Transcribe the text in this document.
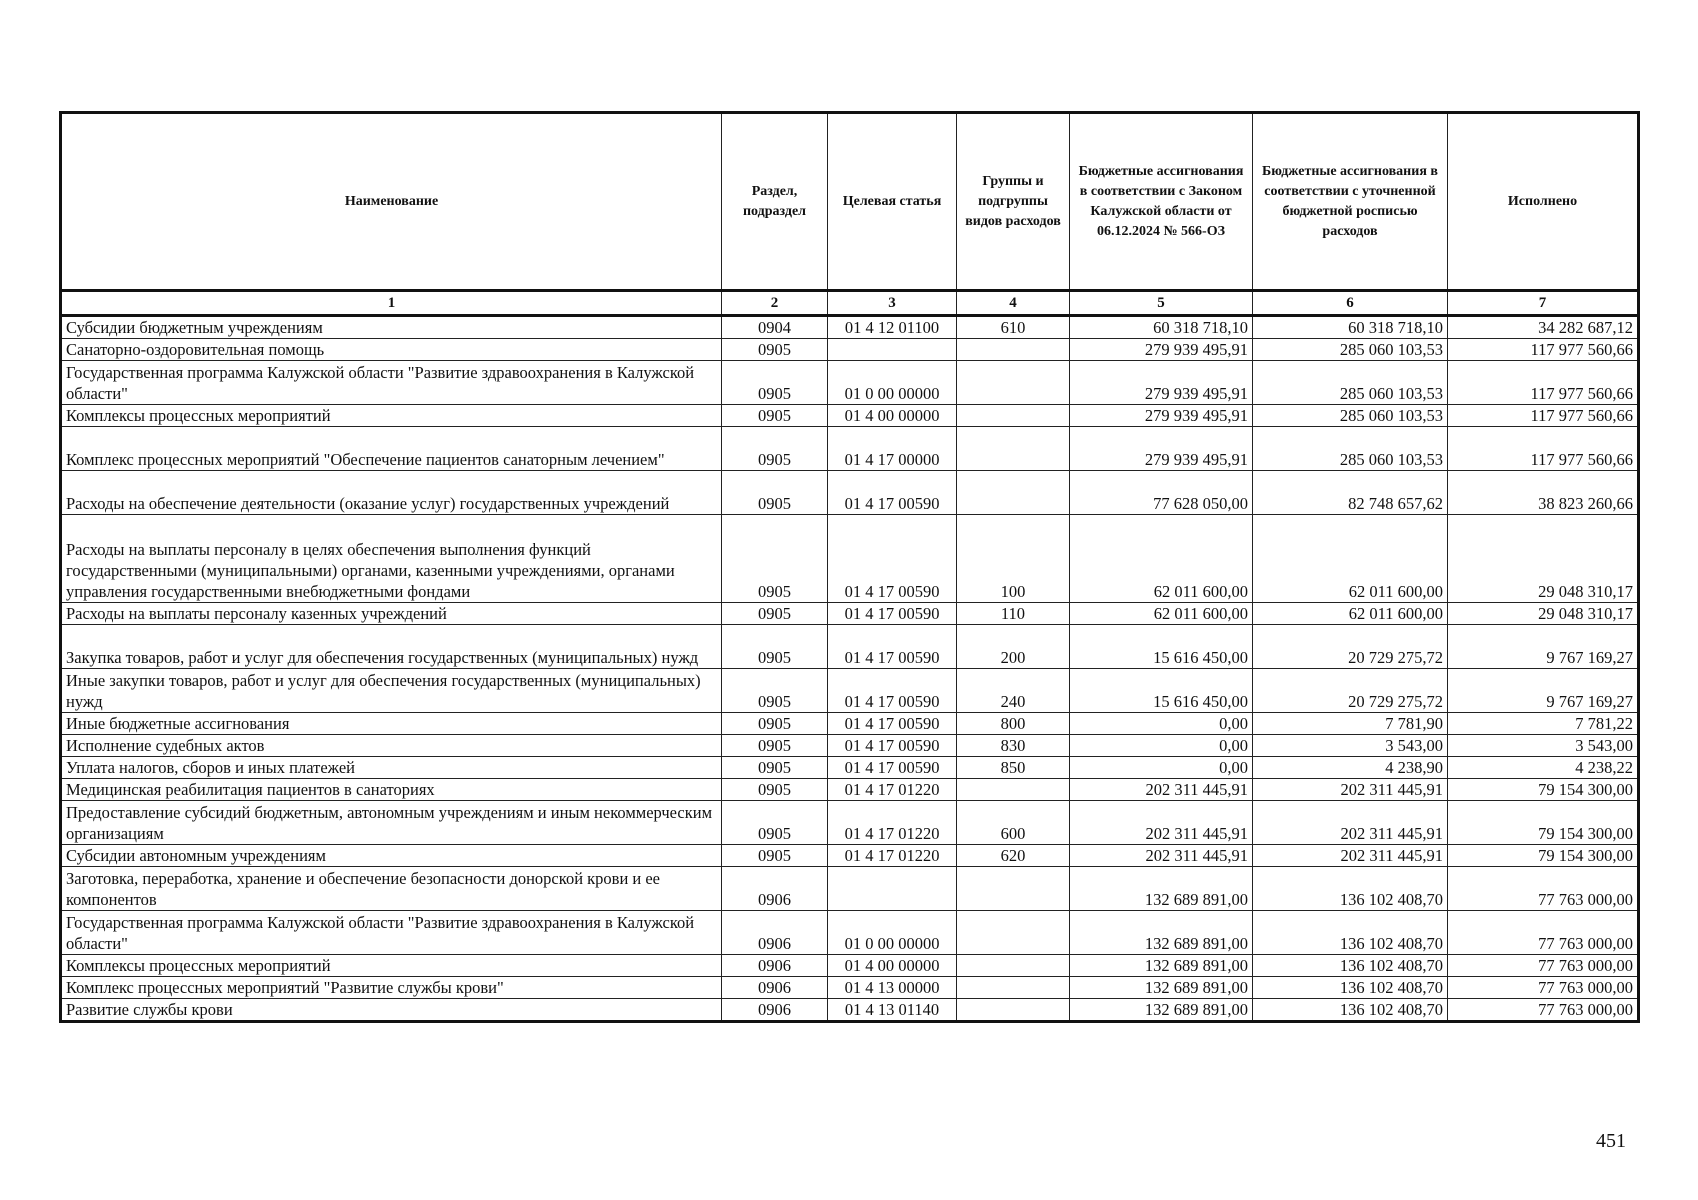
Наименование	Раздел, подраздел	Целевая статья	Группы и подгруппы видов расходов	Бюджетные ассигнования в соответствии с Законом Калужской области от 06.12.2024 № 566-ОЗ	Бюджетные ассигнования в соответствии с уточненной бюджетной росписью расходов	Исполнено
1	2	3	4	5	6	7
Субсидии бюджетным учреждениям	0904	01 4 12 01100	610	60 318 718,10	60 318 718,10	34 282 687,12
Санаторно-оздоровительная помощь	0905			279 939 495,91	285 060 103,53	117 977 560,66
Государственная программа Калужской области "Развитие здравоохранения в Калужской области"	0905	01 0 00 00000		279 939 495,91	285 060 103,53	117 977 560,66
Комплексы процессных мероприятий	0905	01 4 00 00000		279 939 495,91	285 060 103,53	117 977 560,66
Комплекс процессных мероприятий "Обеспечение пациентов санаторным лечением"	0905	01 4 17 00000		279 939 495,91	285 060 103,53	117 977 560,66
Расходы на обеспечение деятельности (оказание услуг) государственных учреждений	0905	01 4 17 00590		77 628 050,00	82 748 657,62	38 823 260,66
Расходы на выплаты персоналу в целях обеспечения выполнения функций государственными (муниципальными) органами, казенными учреждениями, органами управления государственными внебюджетными фондами	0905	01 4 17 00590	100	62 011 600,00	62 011 600,00	29 048 310,17
Расходы на выплаты персоналу казенных учреждений	0905	01 4 17 00590	110	62 011 600,00	62 011 600,00	29 048 310,17
Закупка товаров, работ и услуг для обеспечения государственных (муниципальных) нужд	0905	01 4 17 00590	200	15 616 450,00	20 729 275,72	9 767 169,27
Иные закупки товаров, работ и услуг для обеспечения государственных (муниципальных) нужд	0905	01 4 17 00590	240	15 616 450,00	20 729 275,72	9 767 169,27
Иные бюджетные ассигнования	0905	01 4 17 00590	800	0,00	7 781,90	7 781,22
Исполнение судебных актов	0905	01 4 17 00590	830	0,00	3 543,00	3 543,00
Уплата налогов, сборов и иных платежей	0905	01 4 17 00590	850	0,00	4 238,90	4 238,22
Медицинская реабилитация пациентов в санаториях	0905	01 4 17 01220		202 311 445,91	202 311 445,91	79 154 300,00
Предоставление субсидий бюджетным, автономным учреждениям и иным некоммерческим организациям	0905	01 4 17 01220	600	202 311 445,91	202 311 445,91	79 154 300,00
Субсидии автономным учреждениям	0905	01 4 17 01220	620	202 311 445,91	202 311 445,91	79 154 300,00
Заготовка, переработка, хранение и обеспечение безопасности донорской крови и ее компонентов	0906			132 689 891,00	136 102 408,70	77 763 000,00
Государственная программа Калужской области "Развитие здравоохранения в Калужской области"	0906	01 0 00 00000		132 689 891,00	136 102 408,70	77 763 000,00
Комплексы процессных мероприятий	0906	01 4 00 00000		132 689 891,00	136 102 408,70	77 763 000,00
Комплекс процессных мероприятий "Развитие службы крови"	0906	01 4 13 00000		132 689 891,00	136 102 408,70	77 763 000,00
Развитие службы крови	0906	01 4 13 01140		132 689 891,00	136 102 408,70	77 763 000,00
451
